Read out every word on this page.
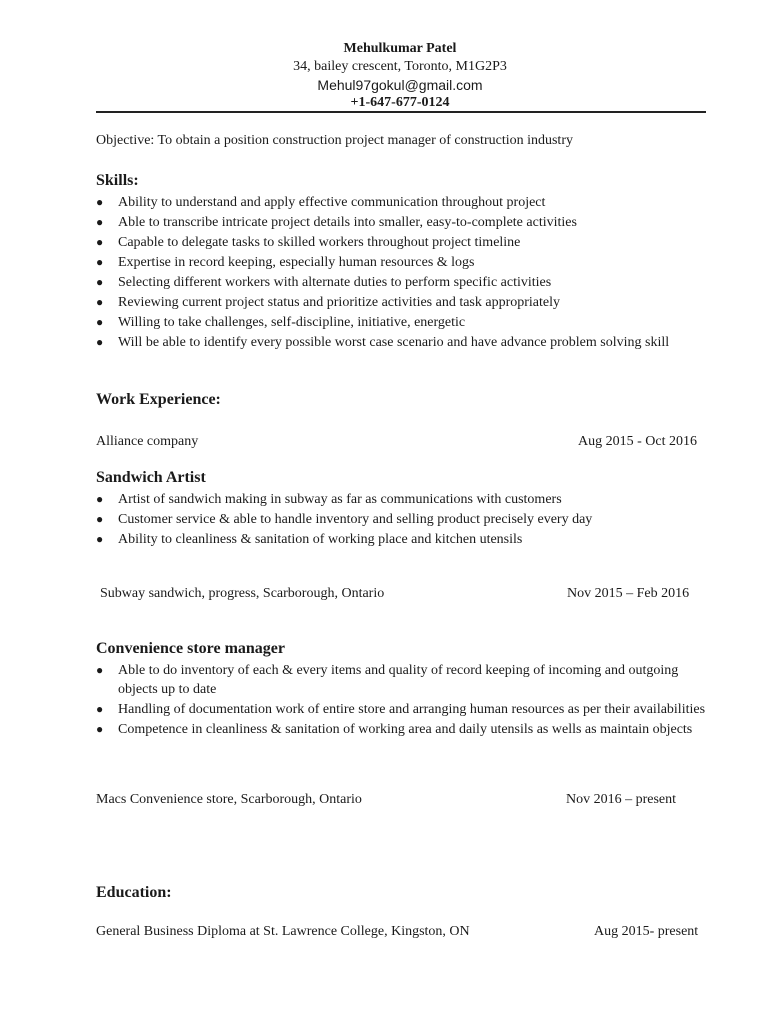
Mehulkumar Patel
34, bailey crescent, Toronto, M1G2P3
Mehul97gokul@gmail.com
+1-647-677-0124
Objective: To obtain a position construction project manager of construction industry
Skills:
● Ability to understand and apply effective communication throughout project
● Able to transcribe intricate project details into smaller, easy-to-complete activities
● Capable to delegate tasks to skilled workers throughout project timeline
● Expertise in record keeping, especially human resources & logs
● Selecting different workers with alternate duties to perform specific activities
● Reviewing current project status and prioritize activities and task appropriately
● Willing to take challenges, self-discipline, initiative, energetic
● Will be able to identify every possible worst case scenario and have advance problem solving skill
Work Experience:
Alliance company	Aug 2015 - Oct 2016
Sandwich Artist
● Artist of sandwich making in subway as far as communications with customers
● Customer service & able to handle inventory and selling product precisely every day
● Ability to cleanliness & sanitation of working place and kitchen utensils
Subway sandwich, progress, Scarborough, Ontario	Nov 2015 – Feb 2016
Convenience store manager
● Able to do inventory of each & every items and quality of record keeping of incoming and outgoing objects up to date
● Handling of documentation work of entire store and arranging human resources as per their availabilities
● Competence in cleanliness & sanitation of working area and daily utensils as wells as maintain objects
Macs Convenience store, Scarborough, Ontario	Nov 2016 – present
Education:
General Business Diploma at St. Lawrence College, Kingston, ON	Aug 2015- present
